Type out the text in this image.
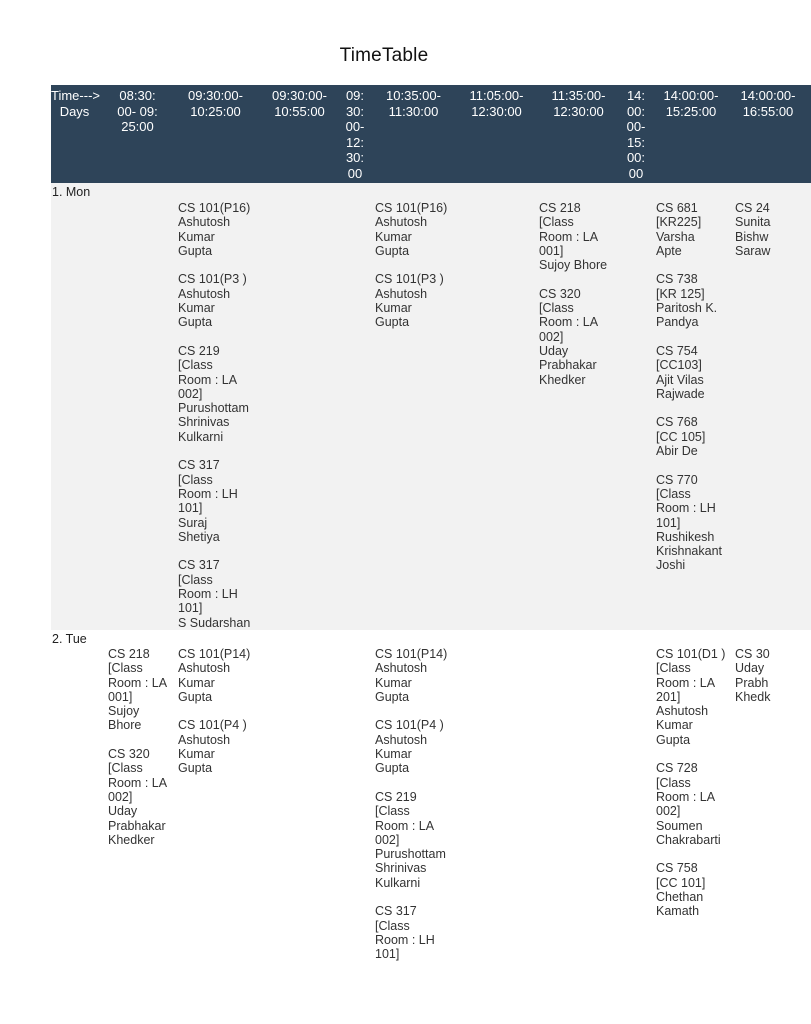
TimeTable
Time--->
Days
08:30:
00- 09:
25:00
09:30:00-
10:25:00
09:30:00-
10:55:00
09:
30:
00-
12:
30:
00
10:35:00-
11:30:00
11:05:00-
12:30:00
11:35:00-
12:30:00
14:
00:
00-
15:
00:
00
14:00:00-
15:25:00
14:00:00-
16:55:00
1. Mon
CS 101(P16)
Ashutosh
Kumar
Gupta

CS 101(P3 )
Ashutosh
Kumar
Gupta

CS 219
[Class
Room : LA
002]
Purushottam
Shrinivas
Kulkarni

CS 317
[Class
Room : LH
101]
Suraj
Shetiya

CS 317
[Class
Room : LH
101]
S Sudarshan
CS 101(P16)
Ashutosh
Kumar
Gupta

CS 101(P3 )
Ashutosh
Kumar
Gupta
CS 218
[Class
Room : LA
001]
Sujoy Bhore

CS 320
[Class
Room : LA
002]
Uday
Prabhakar
Khedker
CS 681
[KR225]
Varsha
Apte

CS 738
[KR 125]
Paritosh K.
Pandya

CS 754
[CC103]
Ajit Vilas
Rajwade

CS 768
[CC 105]
Abir De

CS 770
[Class
Room : LH
101]
Rushikesh
Krishnakant
Joshi
CS 24
Sunita
Bishw
Saraw
2. Tue
CS 218
[Class
Room : LA
001]
Sujoy
Bhore

CS 320
[Class
Room : LA
002]
Uday
Prabhakar
Khedker
CS 101(P14)
Ashutosh
Kumar
Gupta

CS 101(P4 )
Ashutosh
Kumar
Gupta
CS 101(P14)
Ashutosh
Kumar
Gupta

CS 101(P4 )
Ashutosh
Kumar
Gupta

CS 219
[Class
Room : LA
002]
Purushottam
Shrinivas
Kulkarni

CS 317
[Class
Room : LH
101]
CS 101(D1 )
[Class
Room : LA
201]
Ashutosh
Kumar
Gupta

CS 728
[Class
Room : LA
002]
Soumen
Chakrabarti

CS 758
[CC 101]
Chethan
Kamath
CS 30
Uday
Prabh
Khedk
